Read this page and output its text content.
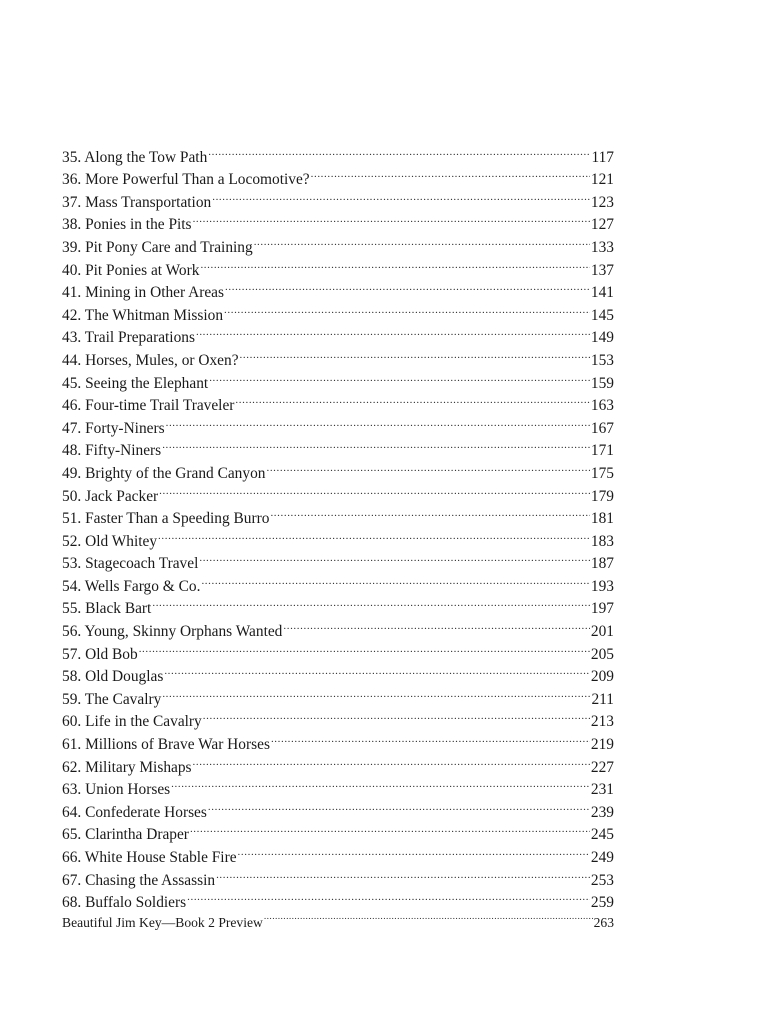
35. Along the Tow Path .....	117
36. More Powerful Than a Locomotive? .....	121
37. Mass Transportation .....	123
38. Ponies in the Pits .....	127
39. Pit Pony Care and Training .....	133
40. Pit Ponies at Work .....	137
41. Mining in Other Areas .....	141
42. The Whitman Mission .....	145
43. Trail Preparations .....	149
44. Horses, Mules, or Oxen? .....	153
45. Seeing the Elephant .....	159
46. Four-time Trail Traveler .....	163
47. Forty-Niners .....	167
48. Fifty-Niners .....	171
49. Brighty of the Grand Canyon .....	175
50. Jack Packer .....	179
51. Faster Than a Speeding Burro .....	181
52. Old Whitey .....	183
53. Stagecoach Travel .....	187
54. Wells Fargo & Co. .....	193
55. Black Bart .....	197
56. Young, Skinny Orphans Wanted .....	201
57. Old Bob .....	205
58. Old Douglas .....	209
59. The Cavalry .....	211
60. Life in the Cavalry .....	213
61. Millions of Brave War Horses .....	219
62. Military Mishaps .....	227
63. Union Horses .....	231
64. Confederate Horses .....	239
65. Clarintha Draper .....	245
66. White House Stable Fire .....	249
67. Chasing the Assassin .....	253
68. Buffalo Soldiers .....	259
Beautiful Jim Key—Book 2 Preview .....	263
